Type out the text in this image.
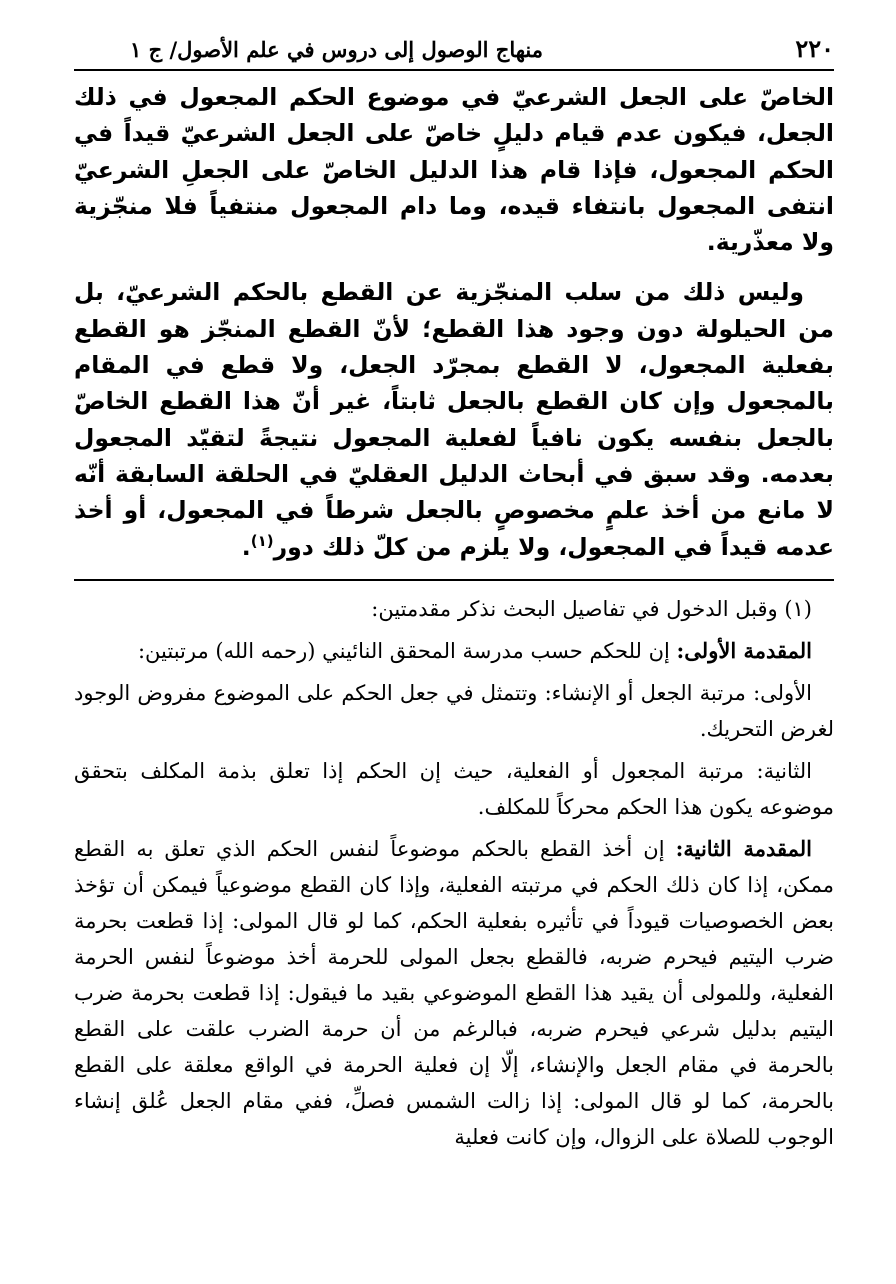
٢٢٠
منهاج الوصول إلى دروس في علم الأصول/ ج ١

الخاصّ على الجعل الشرعيّ في موضوع الحكم المجعول في ذلك الجعل، فيكون عدم قيام دليلٍ خاصّ على الجعل الشرعيّ قيداً في الحكم المجعول، فإذا قام هذا الدليل الخاصّ على الجعلِ الشرعيّ انتفى المجعول بانتفاء قيده، وما دام المجعول منتفياً فلا منجّزية ولا معذّرية.

وليس ذلك من سلب المنجّزية عن القطع بالحكم الشرعيّ، بل من الحيلولة دون وجود هذا القطع؛ لأنّ القطع المنجّز هو القطع بفعلية المجعول، لا القطع بمجرّد الجعل، ولا قطع في المقام بالمجعول وإن كان القطع بالجعل ثابتاً، غير أنّ هذا القطع الخاصّ بالجعل بنفسه يكون نافياً لفعلية المجعول نتيجةً لتقيّد المجعول بعدمه. وقد سبق في أبحاث الدليل العقليّ في الحلقة السابقة أنّه لا مانع من أخذ علمٍ مخصوصٍ بالجعل شرطاً في المجعول، أو أخذ عدمه قيداً في المجعول، ولا يلزم من كلّ ذلك دور$^{(١)}$.

(١) وقبل الدخول في تفاصيل البحث نذكر مقدمتين:

المقدمة الأولى: إن للحكم حسب مدرسة المحقق النائيني (رحمه الله) مرتبتين:

الأولى: مرتبة الجعل أو الإنشاء: وتتمثل في جعل الحكم على الموضوع مفروض الوجود لغرض التحريك.

الثانية: مرتبة المجعول أو الفعلية، حيث إن الحكم إذا تعلق بذمة المكلف بتحقق موضوعه يكون هذا الحكم محركاً للمكلف.

المقدمة الثانية: إن أخذ القطع بالحكم موضوعاً لنفس الحكم الذي تعلق به القطع ممكن، إذا كان ذلك الحكم في مرتبته الفعلية، وإذا كان القطع موضوعياً فيمكن أن تؤخذ بعض الخصوصيات قيوداً في تأثيره بفعلية الحكم، كما لو قال المولى: إذا قطعت بحرمة ضرب اليتيم فيحرم ضربه، فالقطع بجعل المولى للحرمة أخذ موضوعاً لنفس الحرمة الفعلية، وللمولى أن يقيد هذا القطع الموضوعي بقيد ما فيقول: إذا قطعت بحرمة ضرب اليتيم بدليل شرعي فيحرم ضربه، فبالرغم من أن حرمة الضرب علقت على القطع بالحرمة في مقام الجعل والإنشاء، إلّا إن فعلية الحرمة في الواقع معلقة على القطع بالحرمة، كما لو قال المولى: إذا زالت الشمس فصلِّ، ففي مقام الجعل عُلق إنشاء الوجوب للصلاة على الزوال، وإن كانت فعلية
